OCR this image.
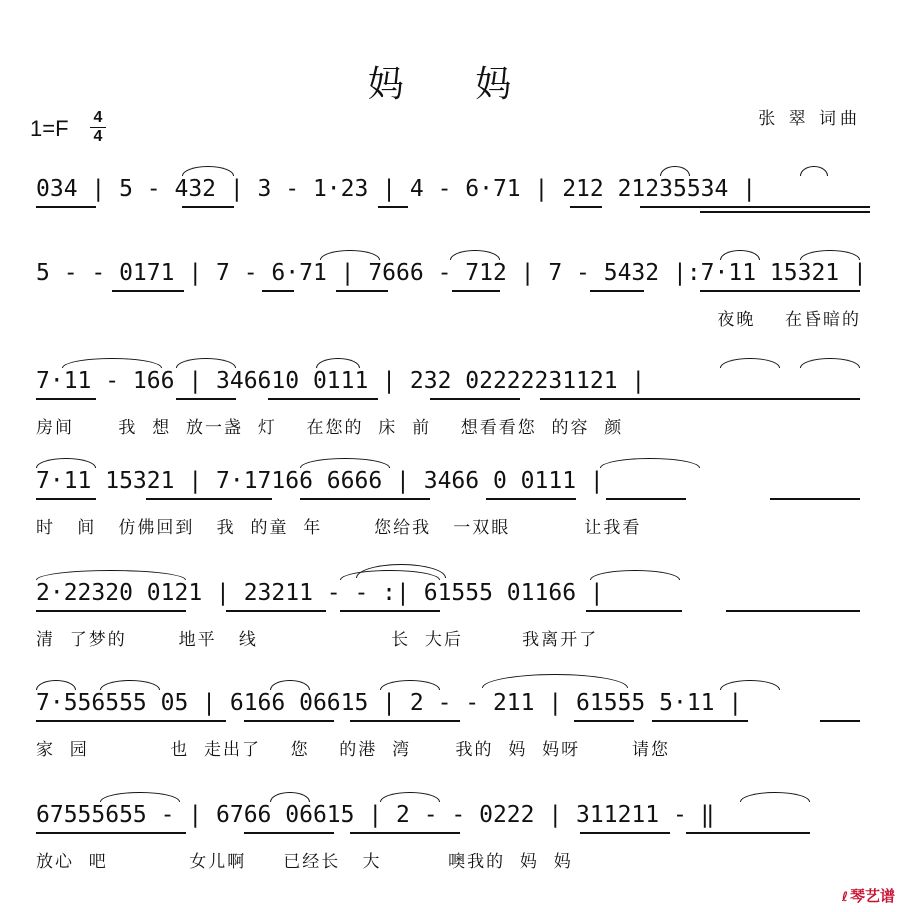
妈 妈
张 翠 词曲
1=F 4
4
034 | 5 - 432 | 3 - 1·23 | 4 - 6·71 | 212 21235534 |
5 - - 0171 | 7 - 6·71 | 7666 - 712 | 7 - 5432 |:7·11 15321 |
夜晚    在昏暗的
7·11 - 166 | 346610 0111 | 232 02222231121 |
房间      我  想  放一盏  灯    在您的  床  前    想看看您  的容  颜
7·11 15321 | 7·17166 6666 | 3466 0 0111 |
时   间   仿佛回到   我  的童  年       您给我   一双眼          让我看
2·22320 0121 | 23211 - - :| 61555 01166 |
清  了梦的       地平   线                  长  大后        我离开了
7·556555 05 | 6166 06615 | 2 - - 211 | 61555 5·11 |
家  园           也  走出了    您    的港  湾      我的  妈  妈呀       请您
67555655 - | 6766 06615 | 2 - - 0222 | 311211 - ‖
放心  吧           女儿啊     已经长   大         噢我的  妈  妈
ℓ 琴艺谱
